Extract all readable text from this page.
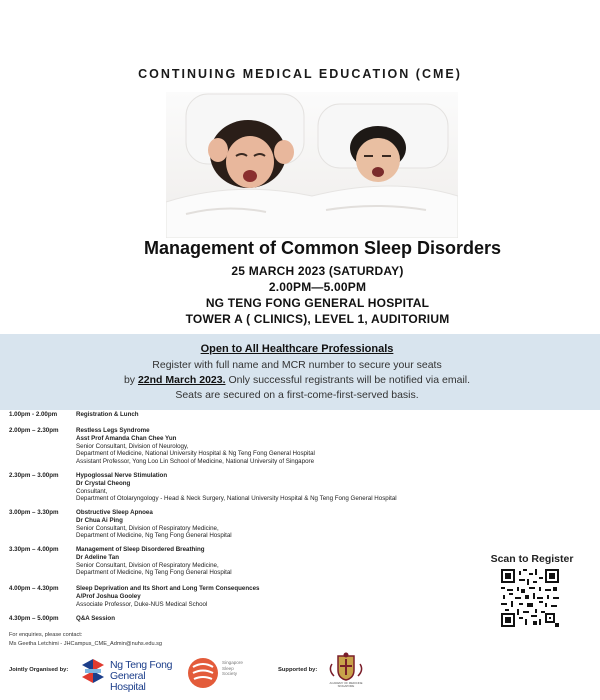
CONTINUING MEDICAL EDUCATION (CME)
Management of Common Sleep Disorders
25 MARCH 2023 (SATURDAY)
2.00PM—5.00PM
NG TENG FONG GENERAL HOSPITAL
TOWER A ( CLINICS), LEVEL 1, AUDITORIUM
Open to All Healthcare Professionals
Register with full name and MCR number to secure your seats
by 22nd March 2023. Only successful registrants will be notified via email.
Seats are secured on a first-come-first-served basis.
1.00pm - 2.00pm	Registration & Lunch
2.00pm – 2.30pm	Restless Legs Syndrome
Asst Prof Amanda Chan Chee Yun
Senior Consultant, Division of Neurology,
Department of Medicine, National University Hospital & Ng Teng Fong General Hospital
Assistant Professor, Yong Loo Lin School of Medicine, National University of Singapore
2.30pm – 3.00pm	Hypoglossal Nerve Stimulation
Dr Crystal Cheong
Consultant,
Department of Otolaryngology - Head & Neck Surgery, National University Hospital & Ng Teng Fong General Hospital
3.00pm – 3.30pm	Obstructive Sleep Apnoea
Dr Chua Ai Ping
Senior Consultant, Division of Respiratory Medicine,
Department of Medicine, Ng Teng Fong General Hospital
3.30pm – 4.00pm	Management of Sleep Disordered Breathing
Dr Adeline Tan
Senior Consultant, Division of Respiratory Medicine,
Department of Medicine, Ng Teng Fong General Hospital
4.00pm – 4.30pm	Sleep Deprivation and Its Short and Long Term Consequences
A/Prof Joshua Gooley
Associate Professor, Duke-NUS Medical School
4.30pm – 5.00pm	Q&A Session
Scan to Register
For enquiries, please contact:
Ms Geetha Letchimi - JHCampus_CME_Admin@nuhs.edu.sg
Jointly Organised by:	Ng Teng Fong
General Hospital
Singapore
Sleep
Society
Supported by:
ACADEMY OF MEDICINE
SINGAPORE
